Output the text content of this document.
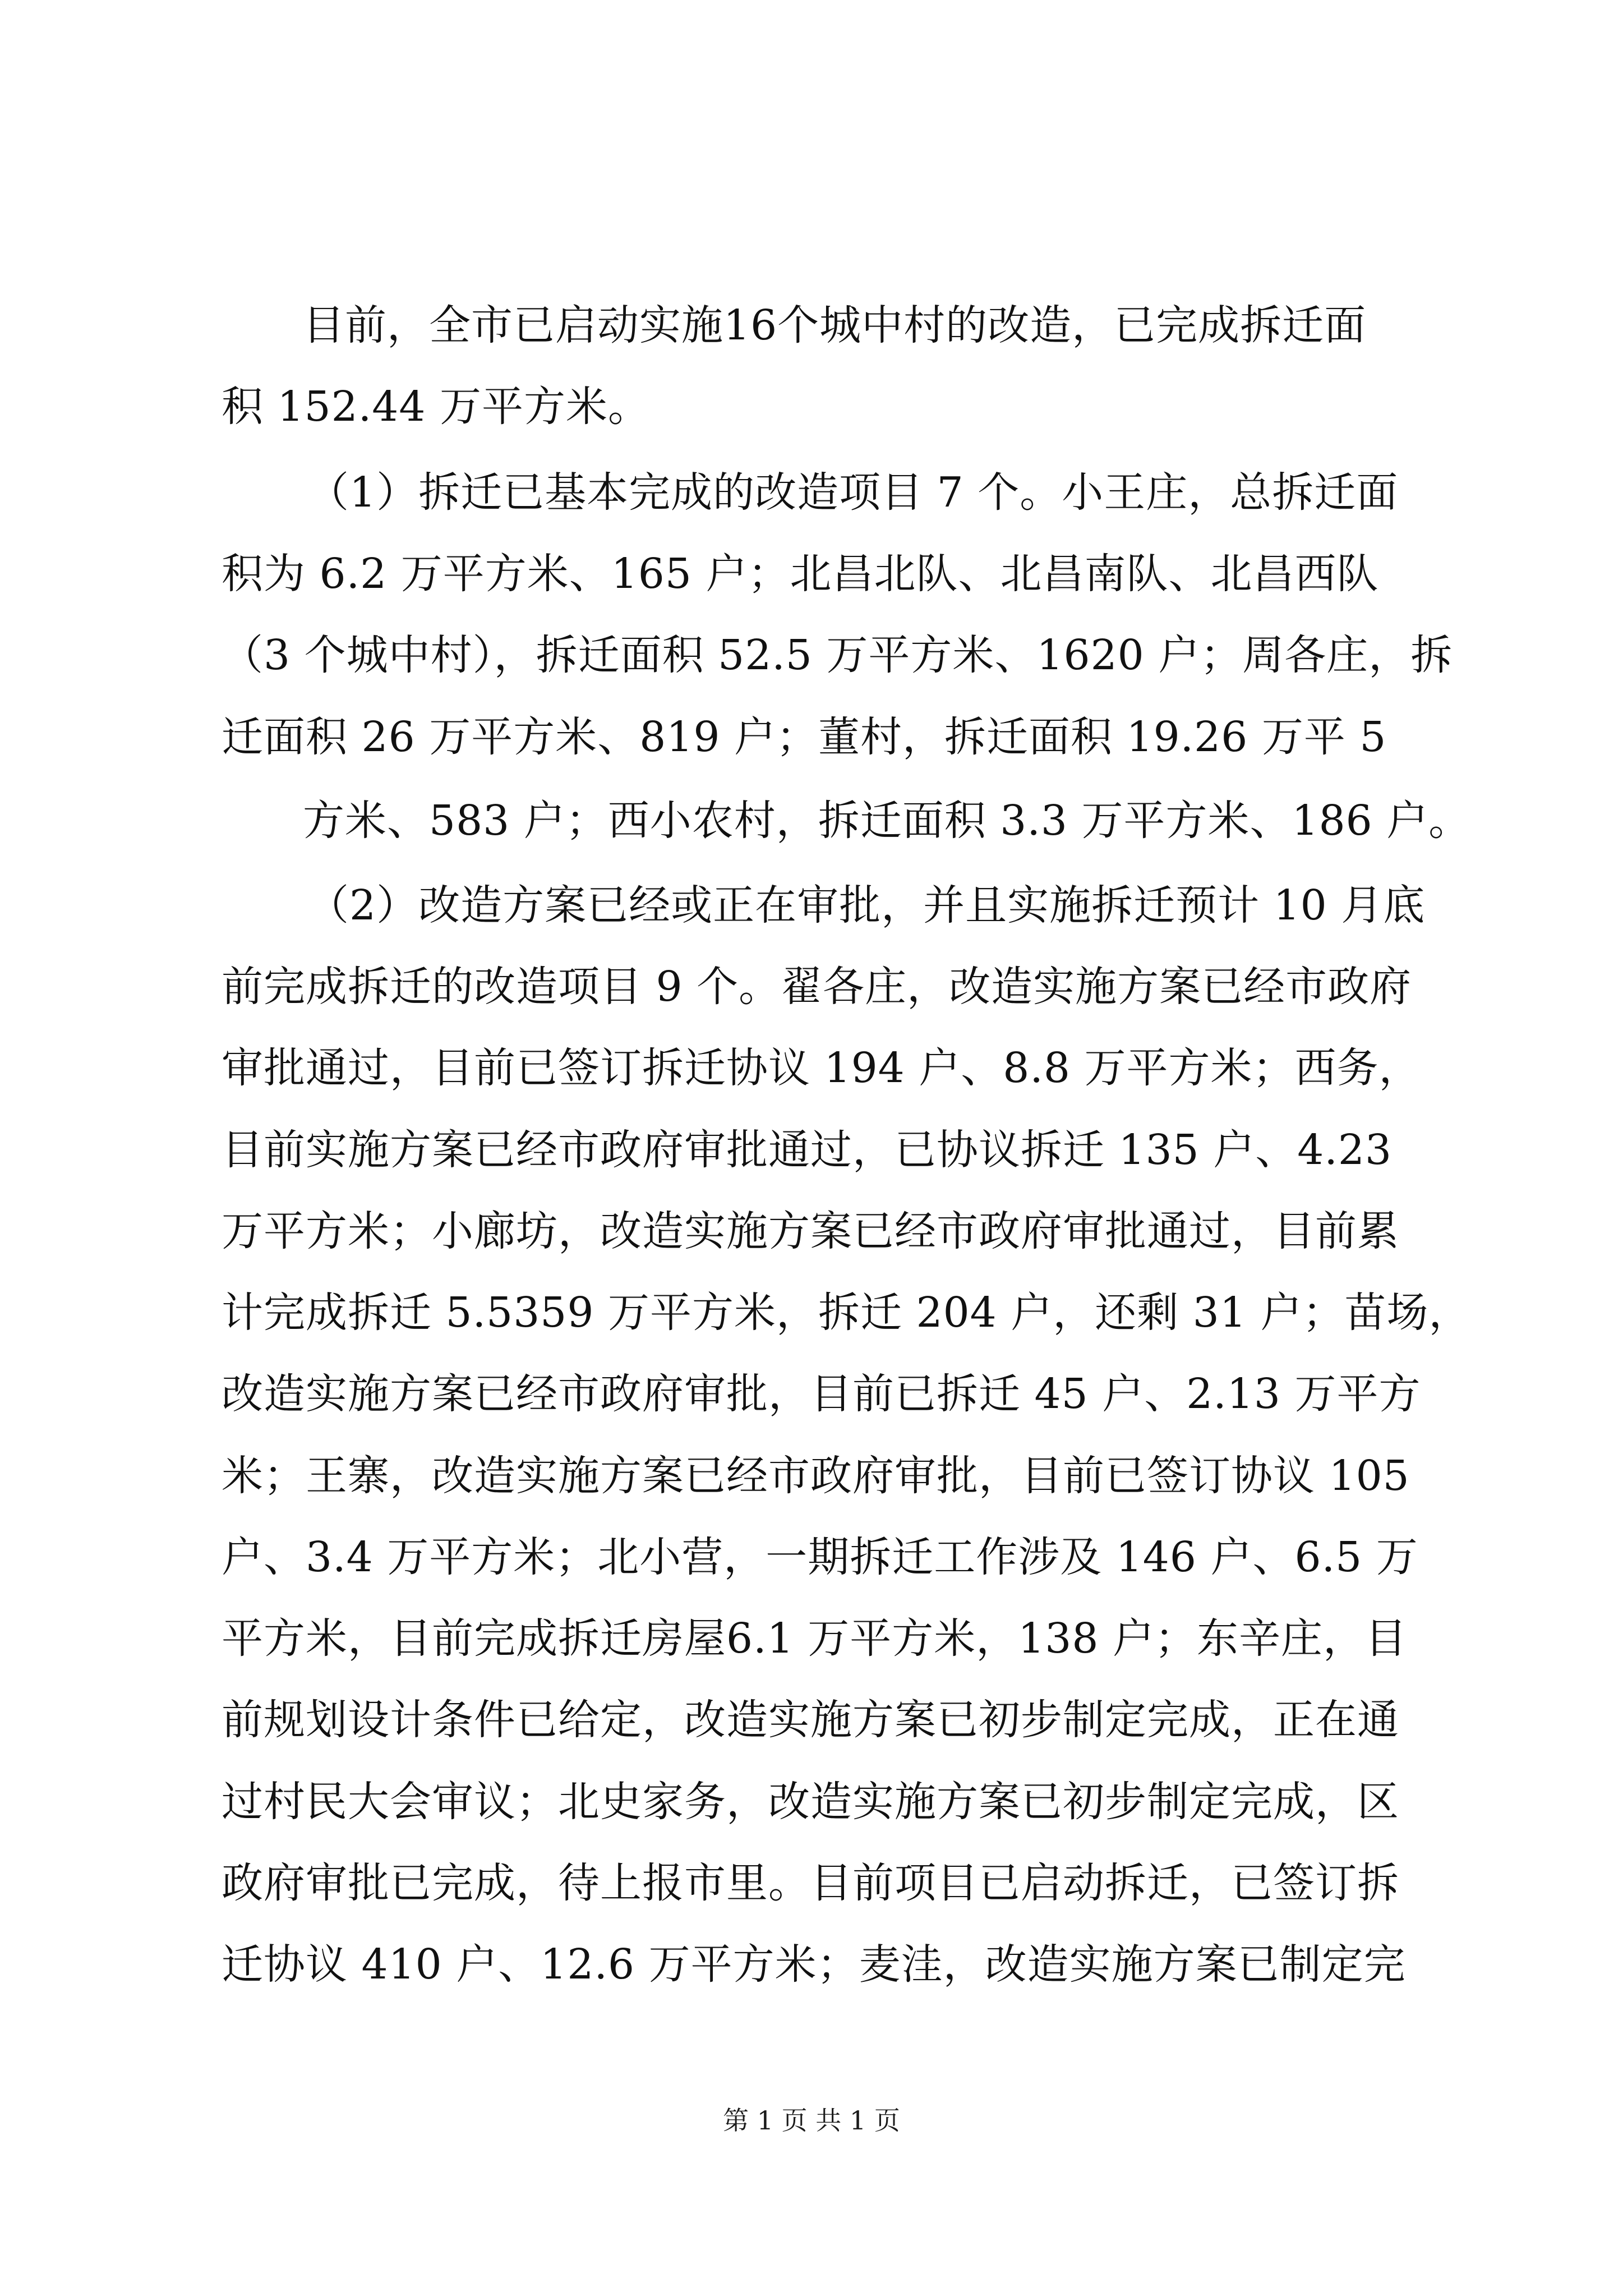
目前，全市已启动实施16个城中村的改造，已完成拆迁面
积 152.44 万平方米。
（1）拆迁已基本完成的改造项目 7 个。小王庄，总拆迁面
积为 6.2 万平方米、165 户；北昌北队、北昌南队、北昌西队
（3 个城中村），拆迁面积 52.5 万平方米、1620 户；周各庄，拆
迁面积 26 万平方米、819 户；董村，拆迁面积 19.26 万平 5
方米、583 户；西小农村，拆迁面积 3.3 万平方米、186 户。
（2）改造方案已经或正在审批，并且实施拆迁预计 10 月底
前完成拆迁的改造项目 9 个。翟各庄，改造实施方案已经市政府
审批通过，目前已签订拆迁协议 194 户、8.8 万平方米；西务，
目前实施方案已经市政府审批通过，已协议拆迁 135 户、4.23
万平方米；小廊坊，改造实施方案已经市政府审批通过，目前累
计完成拆迁 5.5359 万平方米，拆迁 204 户，还剩 31 户；苗场，
改造实施方案已经市政府审批，目前已拆迁 45 户、2.13 万平方
米；王寨，改造实施方案已经市政府审批，目前已签订协议 105
户、3.4 万平方米；北小营，一期拆迁工作涉及 146 户、6.5 万
平方米，目前完成拆迁房屋6.1 万平方米，138 户；东辛庄，目
前规划设计条件已给定，改造实施方案已初步制定完成，正在通
过村民大会审议；北史家务，改造实施方案已初步制定完成，区
政府审批已完成，待上报市里。目前项目已启动拆迁，已签订拆
迁协议 410 户、12.6 万平方米；麦洼，改造实施方案已制定完
第 1 页 共 1 页
